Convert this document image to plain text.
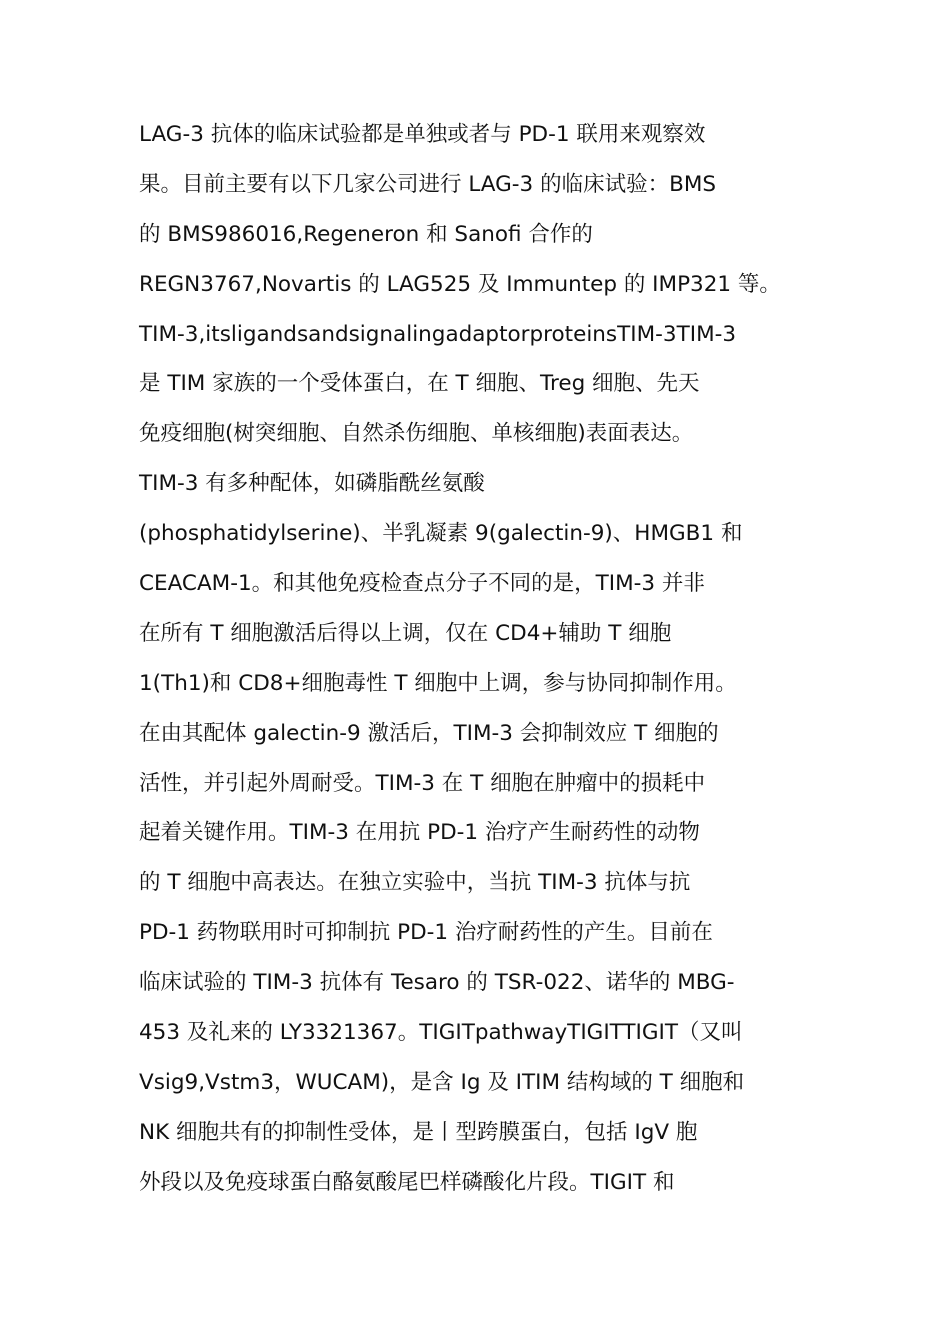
LAG-3 抗体的临床试验都是单独或者与 PD-1 联用来观察效
果。目前主要有以下几家公司进行 LAG-3 的临床试验：BMS
的 BMS986016,Regeneron 和 Sanofi 合作的
REGN3767,Novartis 的 LAG525 及 Immuntep 的 IMP321 等。
TIM-3,itsligandsandsignalingadaptorproteinsTIM-3TIM-3
是 TIM 家族的一个受体蛋白，在 T 细胞、Treg 细胞、先天
免疫细胞(树突细胞、自然杀伤细胞、单核细胞)表面表达。
TIM-3 有多种配体，如磷脂酰丝氨酸
(phosphatidylserine)、半乳凝素 9(galectin-9)、HMGB1 和
CEACAM-1。和其他免疫检查点分子不同的是，TIM-3 并非
在所有 T 细胞激活后得以上调，仅在 CD4+辅助 T 细胞
1(Th1)和 CD8+细胞毒性 T 细胞中上调，参与协同抑制作用。
在由其配体 galectin-9 激活后，TIM-3 会抑制效应 T 细胞的
活性，并引起外周耐受。TIM-3 在 T 细胞在肿瘤中的损耗中
起着关键作用。TIM-3 在用抗 PD-1 治疗产生耐药性的动物
的 T 细胞中高表达。在独立实验中，当抗 TIM-3 抗体与抗
PD-1 药物联用时可抑制抗 PD-1 治疗耐药性的产生。目前在
临床试验的 TIM-3 抗体有 Tesaro 的 TSR-022、诺华的 MBG-
453 及礼来的 LY3321367。TIGITpathwayTIGITTIGIT（又叫
Vsig9,Vstm3，WUCAM)，是含 Ig 及 ITIM 结构域的 T 细胞和
NK 细胞共有的抑制性受体，是丨型跨膜蛋白，包括 IgV 胞
外段以及免疫球蛋白酪氨酸尾巴样磷酸化片段。TIGIT 和
